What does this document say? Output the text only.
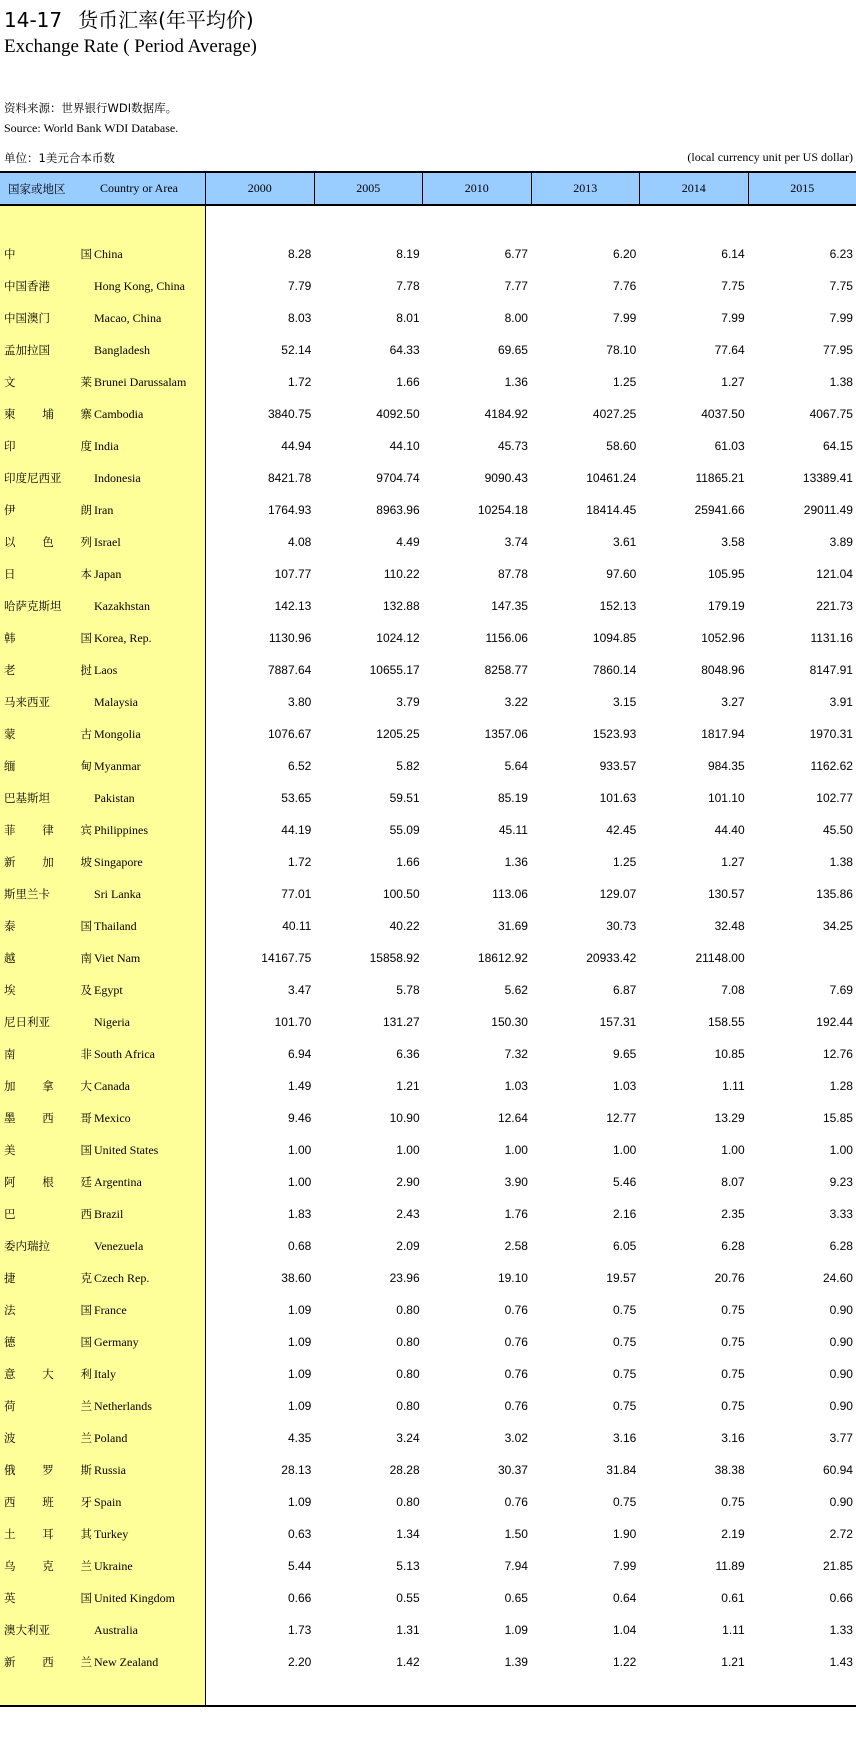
14-17 货币汇率(年平均价)
Exchange Rate ( Period Average)
资料来源：世界银行WDI数据库。
Source: World Bank WDI Database.
单位：1美元合本币数	(local currency unit per US dollar)
国家或地区	Country or Area	2000	2005	2010	2013	2014	2015
中国 China	8.28	8.19	6.77	6.20	6.14	6.23
中国香港	Hong Kong, China	7.79	7.78	7.77	7.76	7.75	7.75
中国澳门	Macao, China	8.03	8.01	8.00	7.99	7.99	7.99
孟加拉国	Bangladesh	52.14	64.33	69.65	78.10	77.64	77.95
文莱 Brunei Darussalam	1.72	1.66	1.36	1.25	1.27	1.38
柬埔寨 Cambodia	3840.75	4092.50	4184.92	4027.25	4037.50	4067.75
印度 India	44.94	44.10	45.73	58.60	61.03	64.15
印度尼西亚	Indonesia	8421.78	9704.74	9090.43	10461.24	11865.21	13389.41
伊朗 Iran	1764.93	8963.96	10254.18	18414.45	25941.66	29011.49
以色列 Israel	4.08	4.49	3.74	3.61	3.58	3.89
日本 Japan	107.77	110.22	87.78	97.60	105.95	121.04
哈萨克斯坦	Kazakhstan	142.13	132.88	147.35	152.13	179.19	221.73
韩国 Korea, Rep.	1130.96	1024.12	1156.06	1094.85	1052.96	1131.16
老挝 Laos	7887.64	10655.17	8258.77	7860.14	8048.96	8147.91
马来西亚	Malaysia	3.80	3.79	3.22	3.15	3.27	3.91
蒙古 Mongolia	1076.67	1205.25	1357.06	1523.93	1817.94	1970.31
缅甸 Myanmar	6.52	5.82	5.64	933.57	984.35	1162.62
巴基斯坦	Pakistan	53.65	59.51	85.19	101.63	101.10	102.77
菲律宾 Philippines	44.19	55.09	45.11	42.45	44.40	45.50
新加坡 Singapore	1.72	1.66	1.36	1.25	1.27	1.38
斯里兰卡	Sri Lanka	77.01	100.50	113.06	129.07	130.57	135.86
泰国 Thailand	40.11	40.22	31.69	30.73	32.48	34.25
越南 Viet Nam	14167.75	15858.92	18612.92	20933.42	21148.00
埃及 Egypt	3.47	5.78	5.62	6.87	7.08	7.69
尼日利亚	Nigeria	101.70	131.27	150.30	157.31	158.55	192.44
南非 South Africa	6.94	6.36	7.32	9.65	10.85	12.76
加拿大 Canada	1.49	1.21	1.03	1.03	1.11	1.28
墨西哥 Mexico	9.46	10.90	12.64	12.77	13.29	15.85
美国 United States	1.00	1.00	1.00	1.00	1.00	1.00
阿根廷 Argentina	1.00	2.90	3.90	5.46	8.07	9.23
巴西 Brazil	1.83	2.43	1.76	2.16	2.35	3.33
委内瑞拉	Venezuela	0.68	2.09	2.58	6.05	6.28	6.28
捷克 Czech Rep.	38.60	23.96	19.10	19.57	20.76	24.60
法国 France	1.09	0.80	0.76	0.75	0.75	0.90
德国 Germany	1.09	0.80	0.76	0.75	0.75	0.90
意大利 Italy	1.09	0.80	0.76	0.75	0.75	0.90
荷兰 Netherlands	1.09	0.80	0.76	0.75	0.75	0.90
波兰 Poland	4.35	3.24	3.02	3.16	3.16	3.77
俄罗斯 Russia	28.13	28.28	30.37	31.84	38.38	60.94
西班牙 Spain	1.09	0.80	0.76	0.75	0.75	0.90
土耳其 Turkey	0.63	1.34	1.50	1.90	2.19	2.72
乌克兰 Ukraine	5.44	5.13	7.94	7.99	11.89	21.85
英国 United Kingdom	0.66	0.55	0.65	0.64	0.61	0.66
澳大利亚	Australia	1.73	1.31	1.09	1.04	1.11	1.33
新西兰 New Zealand	2.20	1.42	1.39	1.22	1.21	1.43
